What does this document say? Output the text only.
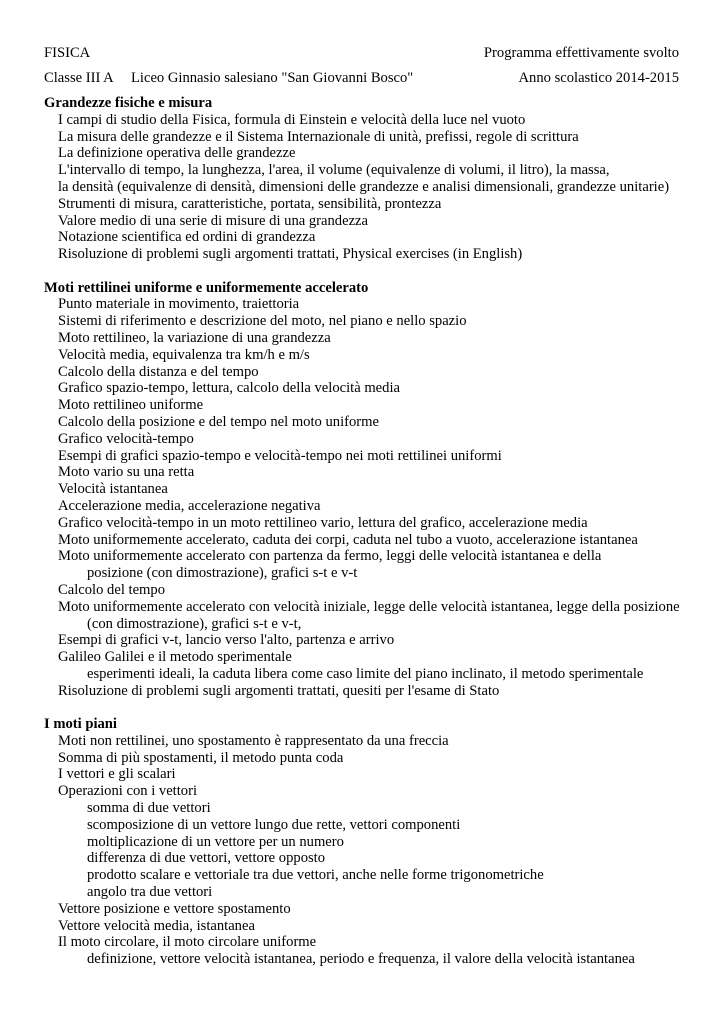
FISICA	Programma effettivamente svolto
Classe III A Liceo Ginnasio salesiano "San Giovanni Bosco"	Anno scolastico 2014-2015
Grandezze fisiche e misura
I campi di studio della Fisica, formula di Einstein e velocità della luce nel vuoto
La misura delle grandezze e il Sistema Internazionale di unità, prefissi, regole di scrittura
La definizione operativa delle grandezze
L'intervallo di tempo, la lunghezza, l'area, il volume (equivalenze di volumi, il litro), la massa,
la densità (equivalenze di densità, dimensioni delle grandezze e analisi dimensionali, grandezze unitarie)
Strumenti di misura, caratteristiche, portata, sensibilità, prontezza
Valore medio di una serie di misure di una grandezza
Notazione scientifica ed ordini di grandezza
Risoluzione di problemi sugli argomenti trattati, Physical exercises (in English)
Moti rettilinei uniforme e uniformemente accelerato
Punto materiale in movimento, traiettoria
Sistemi di riferimento e descrizione del moto, nel piano e nello spazio
Moto rettilineo, la variazione di una grandezza
Velocità media, equivalenza tra km/h e m/s
Calcolo della distanza e del tempo
Grafico spazio-tempo, lettura, calcolo della velocità media
Moto rettilineo uniforme
Calcolo della posizione e del tempo nel moto uniforme
Grafico velocità-tempo
Esempi di grafici spazio-tempo e velocità-tempo nei moti rettilinei uniformi
Moto vario su una retta
Velocità istantanea
Accelerazione media, accelerazione negativa
Grafico velocità-tempo in un moto rettilineo vario, lettura del grafico, accelerazione media
Moto uniformemente accelerato, caduta dei corpi, caduta nel tubo a vuoto, accelerazione istantanea
Moto uniformemente accelerato con partenza da fermo, leggi delle velocità istantanea e della
posizione (con dimostrazione), grafici s-t e v-t
Calcolo del tempo
Moto uniformemente accelerato con velocità iniziale, legge delle velocità istantanea, legge della posizione
(con dimostrazione), grafici s-t e v-t,
Esempi di grafici v-t, lancio verso l'alto, partenza e arrivo
Galileo Galilei e il metodo sperimentale
esperimenti ideali, la caduta libera come caso limite del piano inclinato, il metodo sperimentale
Risoluzione di problemi sugli argomenti trattati, quesiti per l'esame di Stato
I moti piani
Moti non rettilinei, uno spostamento è rappresentato da una freccia
Somma di più spostamenti, il metodo punta coda
I vettori e gli scalari
Operazioni con i vettori
somma di due vettori
scomposizione di un vettore lungo due rette, vettori componenti
moltiplicazione di un vettore per un numero
differenza di due vettori, vettore opposto
prodotto scalare e vettoriale tra due vettori, anche nelle forme trigonometriche
angolo tra due vettori
Vettore posizione e vettore spostamento
Vettore velocità media, istantanea
Il moto circolare, il moto circolare uniforme
definizione, vettore velocità istantanea, periodo e frequenza, il valore della velocità istantanea
